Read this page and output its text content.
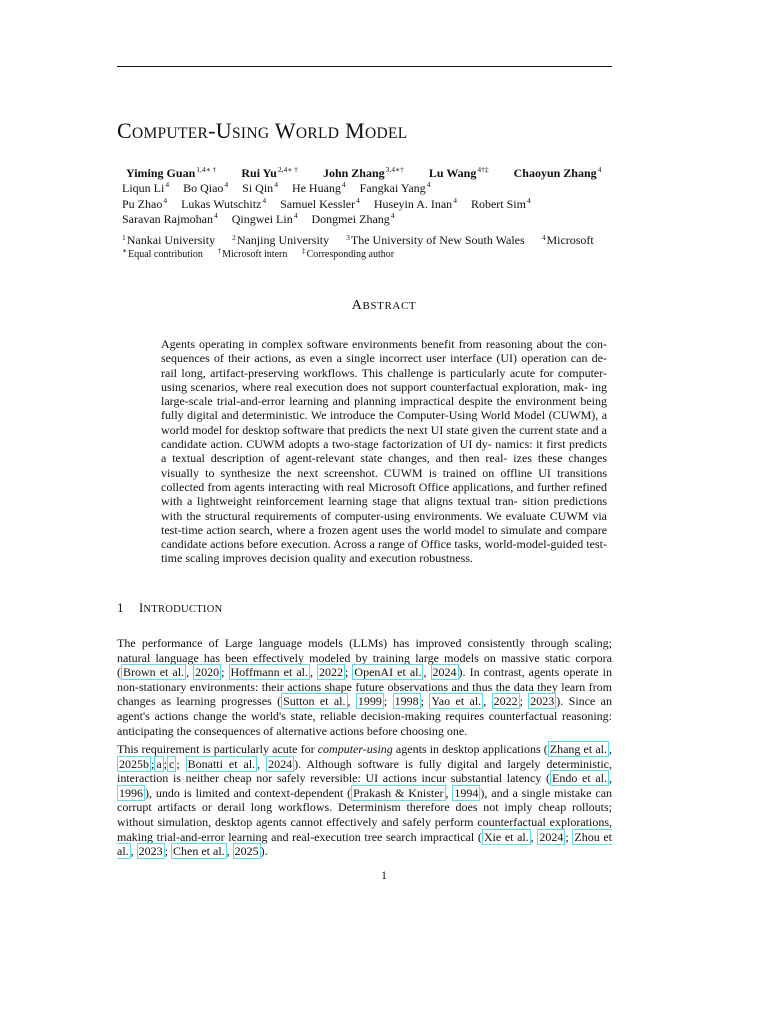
COMPUTER-USING WORLD MODEL
Yiming Guan$^{1,4∗ \dagger}$ Rui Yu$^{2,4∗ \dagger}$ John Zhang$^{3,4∗\dagger}$ Lu Wang$^{4\dagger\ddagger}$ Chaoyun Zhang$^4$
Liqun Li$^4$ Bo Qiao$^4$ Si Qin$^4$ He Huang$^4$ Fangkai Yang$^4$
Pu Zhao$^4$ Lukas Wutschitz$^4$ Samuel Kessler$^4$ Huseyin A. Inan$^4$ Robert Sim$^4$
Saravan Rajmohan$^4$ Qingwei Lin$^4$ Dongmei Zhang$^4$
$^1$Nankai University $^2$Nanjing University $^3$The University of New South Wales $^4$Microsoft
∗Equal contribution †Microsoft intern ‡Corresponding author
ABSTRACT

Agents operating in complex software environments benefit from reasoning about the con- sequences of their actions, as even a single incorrect user interface (UI) operation can de- rail long, artifact-preserving workflows. This challenge is particularly acute for computer- using scenarios, where real execution does not support counterfactual exploration, mak- ing large-scale trial-and-error learning and planning impractical despite the environment being fully digital and deterministic. We introduce the Computer-Using World Model (CUWM), a world model for desktop software that predicts the next UI state given the current state and a candidate action. CUWM adopts a two-stage factorization of UI dy- namics: it first predicts a textual description of agent-relevant state changes, and then real- izes these changes visually to synthesize the next screenshot. CUWM is trained on offline UI transitions collected from agents interacting with real Microsoft Office applications, and further refined with a lightweight reinforcement learning stage that aligns textual tran- sition predictions with the structural requirements of computer-using environments. We evaluate CUWM via test-time action search, where a frozen agent uses the world model to simulate and compare candidate actions before execution. Across a range of Office tasks, world-model-guided test-time scaling improves decision quality and execution robustness.

1 INTRODUCTION

The performance of Large language models (LLMs) has improved consistently through scaling; natural language has been effectively modeled by training large models on massive static corpora ( Brown et al. , 2020 ; Hoffmann et al. , 2022 ; OpenAI et al. , 2024 ). In contrast, agents operate in non-stationary environments: their actions shape future observations and thus the data they learn from changes as learning progresses ( Sutton et al. , 1999 ; 1998 ; Yao et al. , 2022 ; 2023 ). Since an agent's actions change the world's state, reliable decision-making requires counterfactual reasoning: anticipating the consequences of alternative actions before choosing one.

This requirement is particularly acute for computer-using agents in desktop applications ( Zhang et al. , 2025b ; a ; c ; Bonatti et al. , 2024 ). Although software is fully digital and largely deterministic, interaction is neither cheap nor safely reversible: UI actions incur substantial latency ( Endo et al. , 1996 ), undo is limited and context-dependent ( Prakash & Knister , 1994 ), and a single mistake can corrupt artifacts or derail long workflows. Determinism therefore does not imply cheap rollouts; without simulation, desktop agents cannot effectively and safely perform counterfactual explorations, making trial-and-error learning and real-execution tree search impractical ( Xie et al. , 2024 ; Zhou et al. , 2023 ; Chen et al. , 2025 ).

1
